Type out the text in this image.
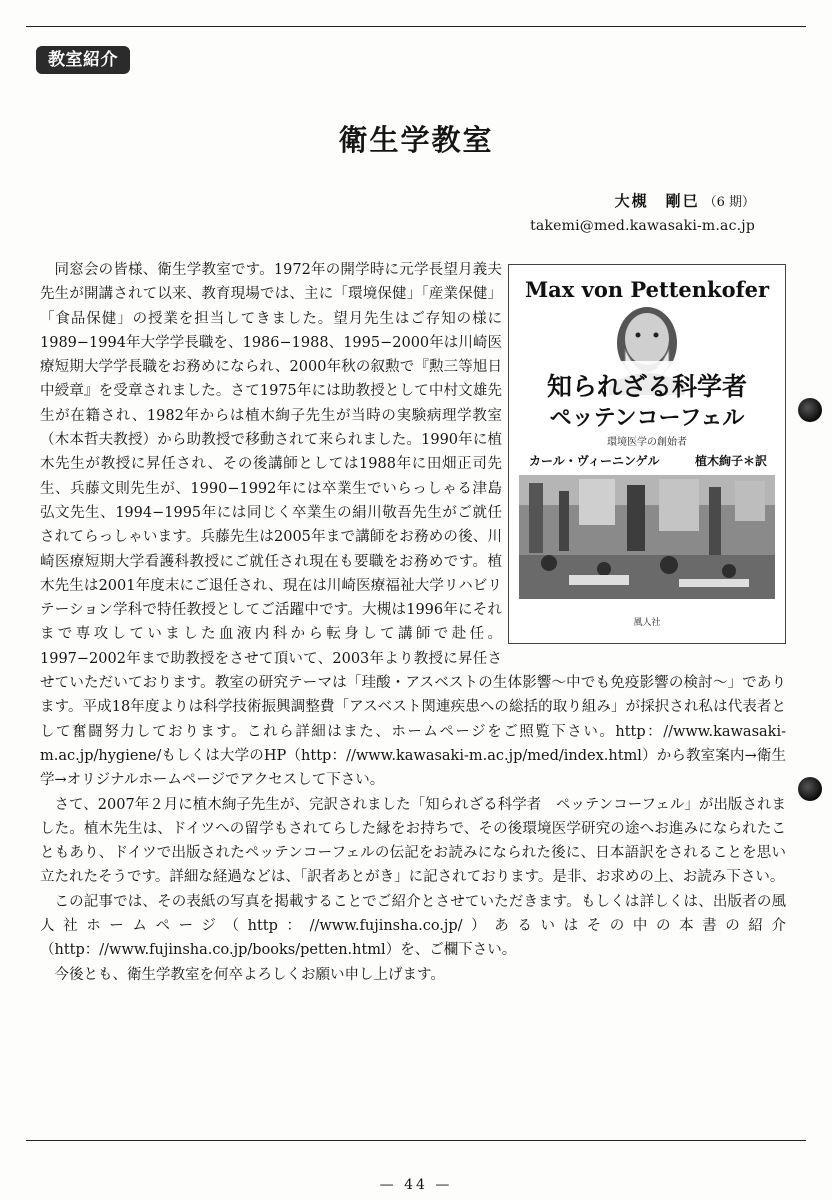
教室紹介
衛生学教室
大槻　剛巳 （6 期）
takemi@med.kawasaki-m.ac.jp
Max von Pettenkofer
知られざる科学者
ペッテンコーフェル
環境医学の創始者
カール・ヴィーニンゲル	植木絢子＊訳
風人社

同窓会の皆様、衛生学教室です。1972年の開学時に元学長望月義夫先生が開講されて以来、教育現場では、主に「環境保健」「産業保健」「食品保健」の授業を担当してきました。望月先生はご存知の様に1989−1994年大学学長職を、1986−1988、1995−2000年は川崎医療短期大学学長職をお務めになられ、2000年秋の叙勲で『勲三等旭日中綬章』を受章されました。さて1975年には助教授として中村文雄先生が在籍され、1982年からは植木絢子先生が当時の実験病理学教室（木本哲夫教授）から助教授で移動されて来られました。1990年に植木先生が教授に昇任され、その後講師としては1988年に田畑正司先生、兵藤文則先生が、1990−1992年には卒業生でいらっしゃる津島弘文先生、1994−1995年には同じく卒業生の絹川敬吾先生がご就任されてらっしゃいます。兵藤先生は2005年まで講師をお務めの後、川崎医療短期大学看護科教授にご就任され現在も要職をお務めです。植木先生は2001年度末にご退任され、現在は川崎医療福祉大学リハビリテーション学科で特任教授としてご活躍中です。大槻は1996年にそれまで専攻していました血液内科から転身して講師で赴任。1997−2002年まで助教授をさせて頂いて、2003年より教授に昇任させていただいております。教室の研究テーマは「珪酸・アスベストの生体影響〜中でも免疫影響の検討〜」であります。平成18年度よりは科学技術振興調整費「アスベスト関連疾患への総括的取り組み」が採択され私は代表者として奮闘努力しております。これら詳細はまた、ホームページをご照覧下さい。http：//www.kawasaki-m.ac.jp/hygiene/もしくは大学のHP（http：//www.kawasaki-m.ac.jp/med/index.html）から教室案内→衛生学→オリジナルホームページでアクセスして下さい。

さて、2007年２月に植木絢子先生が、完訳されました「知られざる科学者　ペッテンコーフェル」が出版されました。植木先生は、ドイツへの留学もされてらした縁をお持ちで、その後環境医学研究の途へお進みになられたこともあり、ドイツで出版されたペッテンコーフェルの伝記をお読みになられた後に、日本語訳をされることを思い立たれたそうです。詳細な経過などは、「訳者あとがき」に記されております。是非、お求めの上、お読み下さい。

この記事では、その表紙の写真を掲載することでご紹介とさせていただきます。もしくは詳しくは、出版者の風人社ホームページ（http：//www.fujinsha.co.jp/）あるいはその中の本書の紹介（http：//www.fujinsha.co.jp/books/petten.html）を、ご欄下さい。

今後とも、衛生学教室を何卒よろしくお願い申し上げます。

— 44 —
